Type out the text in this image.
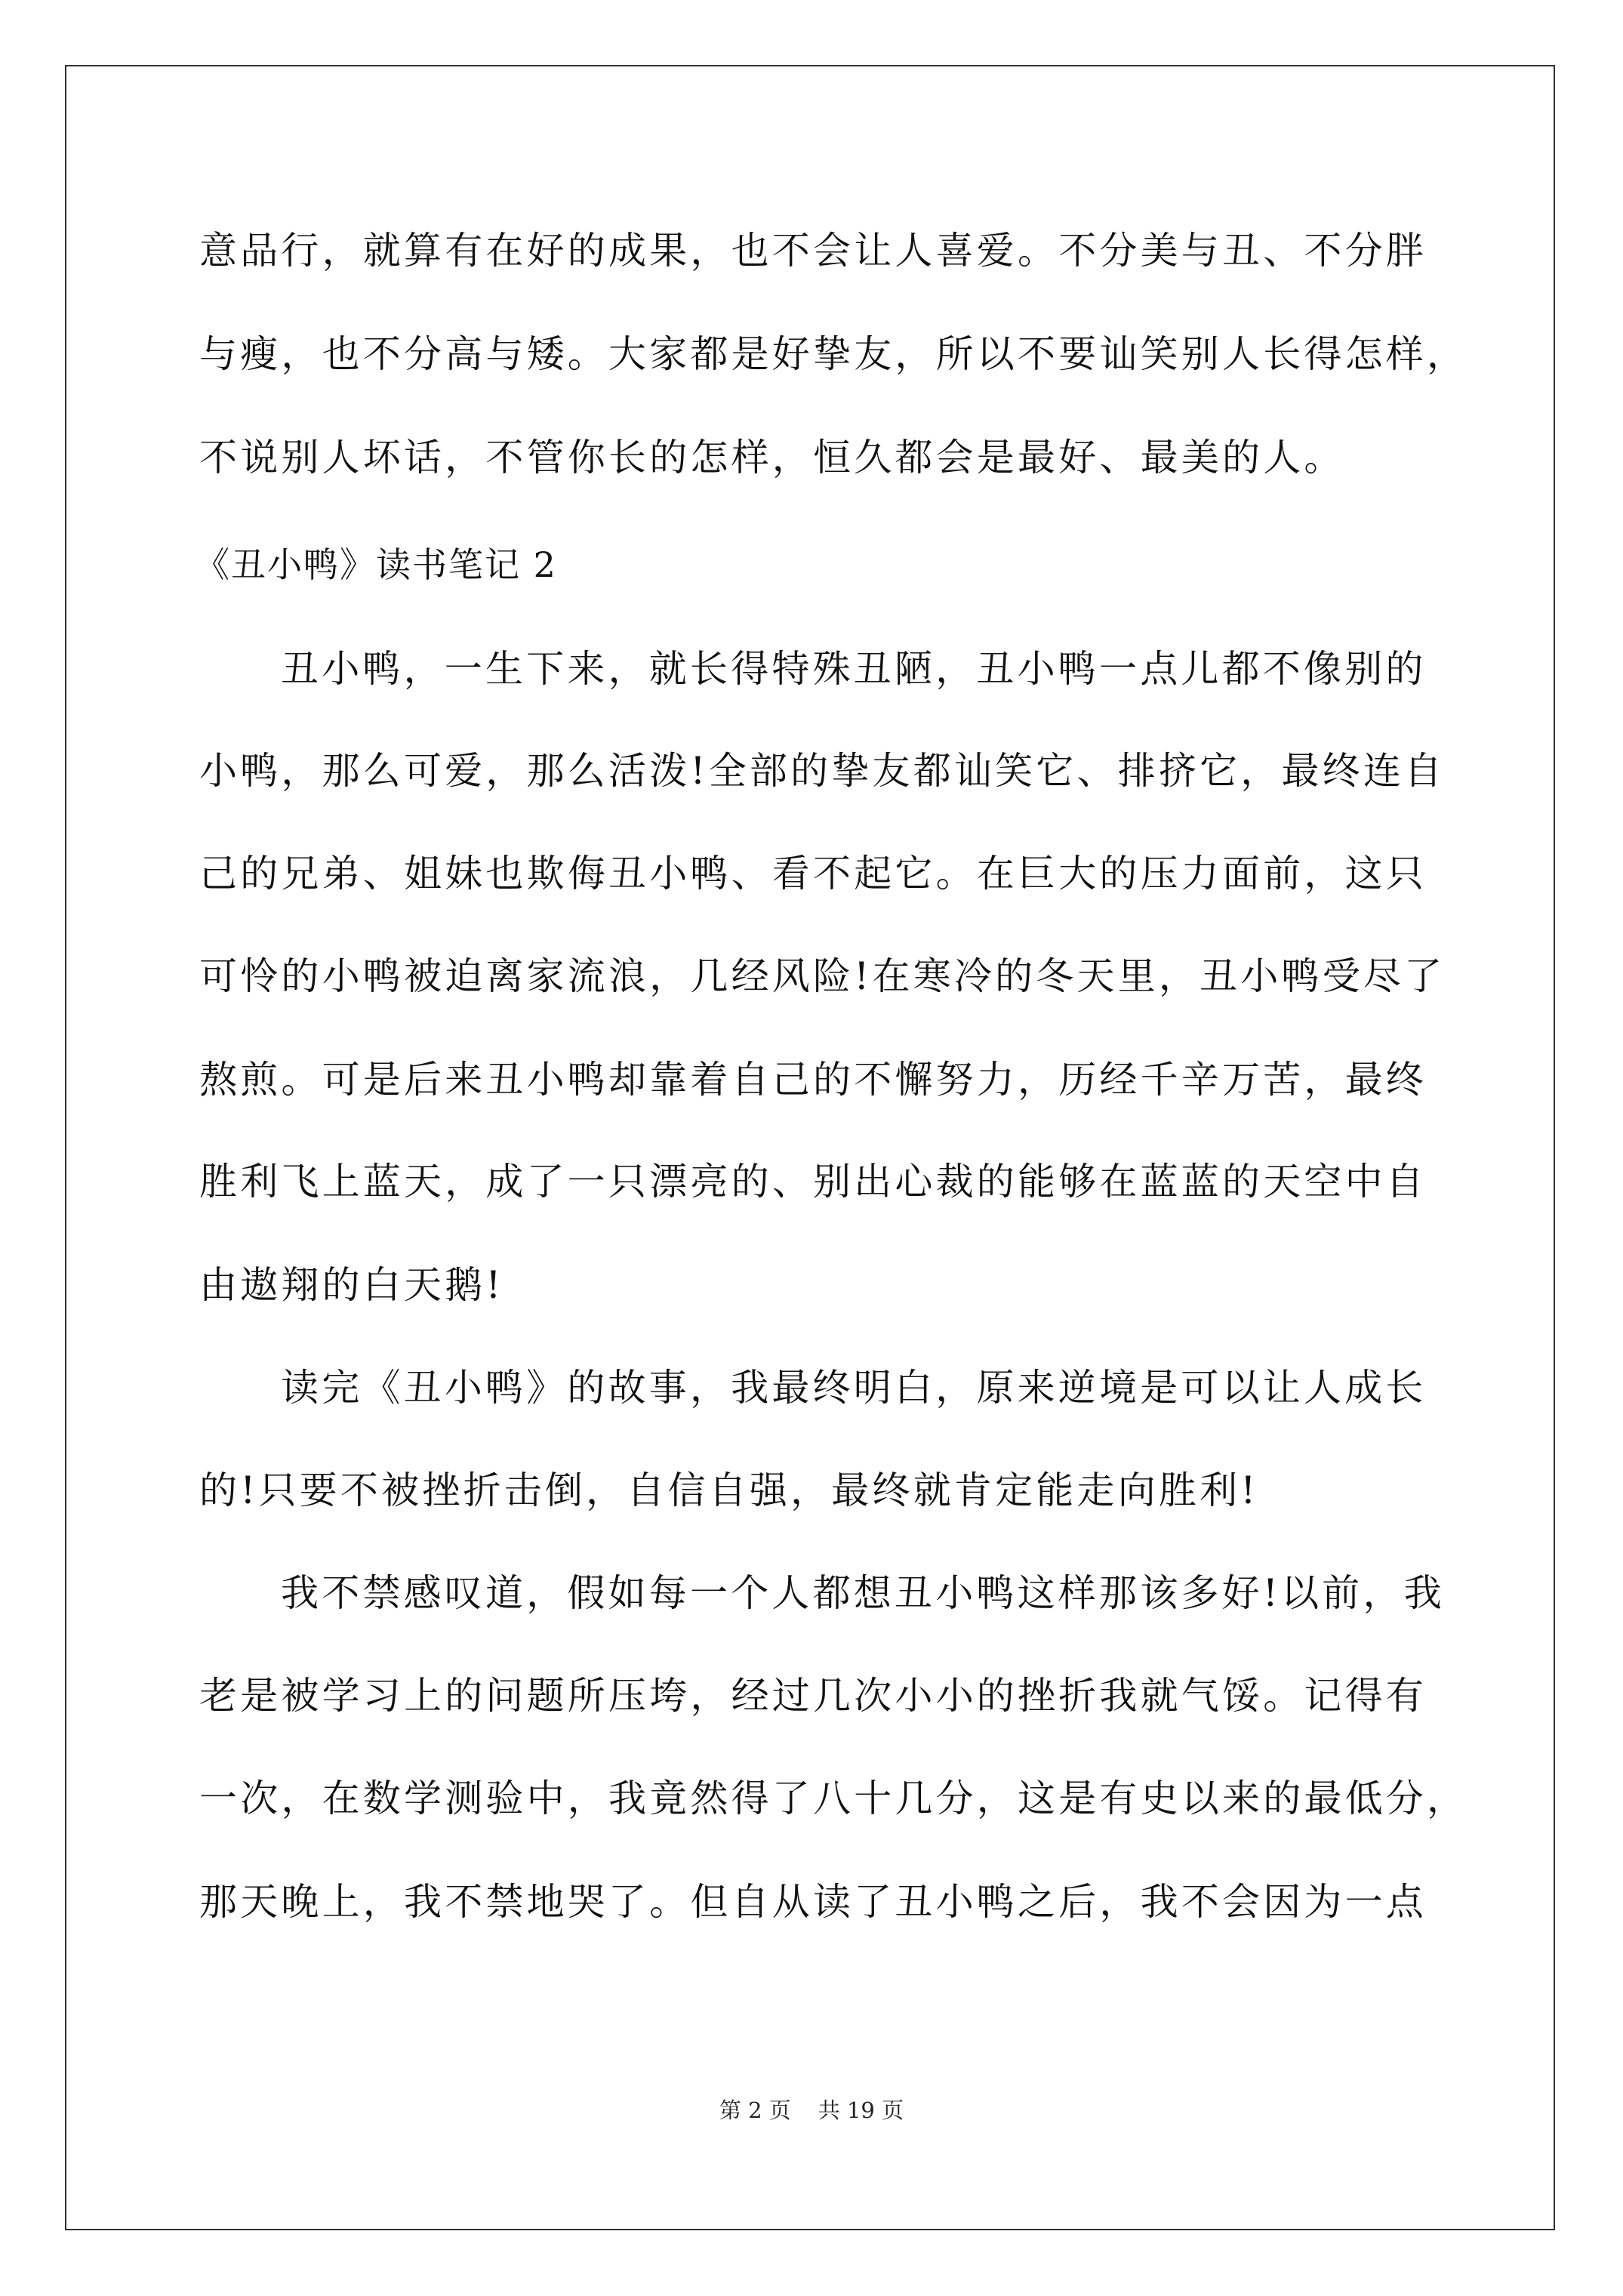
意品行，就算有在好的成果，也不会让人喜爱。不分美与丑、不分胖
与瘦，也不分高与矮。大家都是好挚友，所以不要讪笑别人长得怎样，
不说别人坏话，不管你长的怎样，恒久都会是最好、最美的人。
《丑小鸭》读书笔记 2
丑小鸭，一生下来，就长得特殊丑陋，丑小鸭一点儿都不像别的
小鸭，那么可爱，那么活泼!全部的挚友都讪笑它、排挤它，最终连自
己的兄弟、姐妹也欺侮丑小鸭、看不起它。在巨大的压力面前，这只
可怜的小鸭被迫离家流浪，几经风险!在寒冷的冬天里，丑小鸭受尽了
熬煎。可是后来丑小鸭却靠着自己的不懈努力，历经千辛万苦，最终
胜利飞上蓝天，成了一只漂亮的、别出心裁的能够在蓝蓝的天空中自
由遨翔的白天鹅!
读完《丑小鸭》的故事，我最终明白，原来逆境是可以让人成长
的!只要不被挫折击倒，自信自强，最终就肯定能走向胜利!
我不禁感叹道，假如每一个人都想丑小鸭这样那该多好!以前，我
老是被学习上的问题所压垮，经过几次小小的挫折我就气馁。记得有
一次，在数学测验中，我竟然得了八十几分，这是有史以来的最低分，
那天晚上，我不禁地哭了。但自从读了丑小鸭之后，我不会因为一点
第 2 页 共 19 页
